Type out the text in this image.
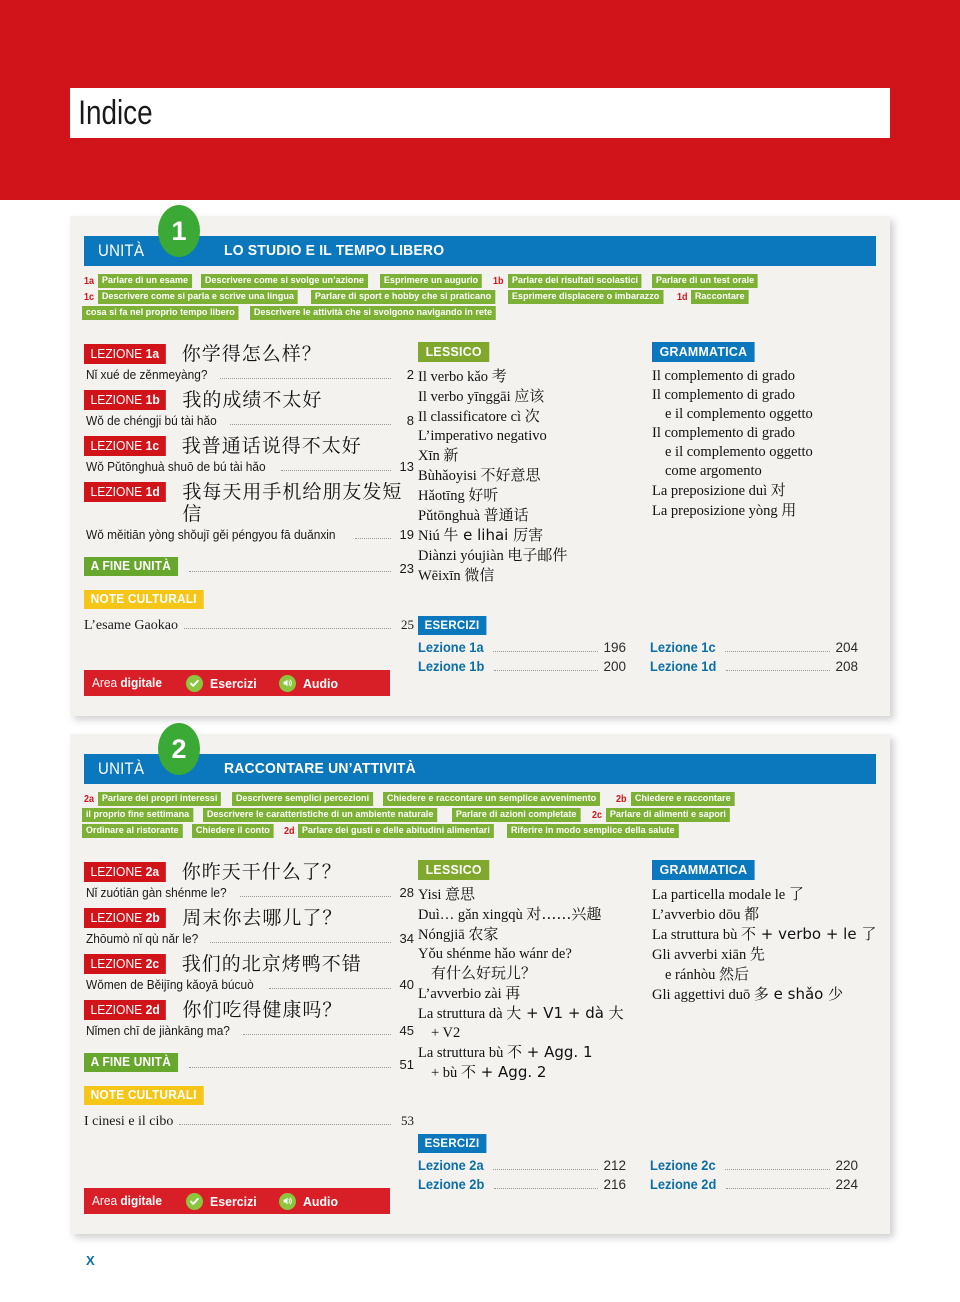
Indice
UNITÀ	LO STUDIO E IL TEMPO LIBERO
1
1a Parlare di un esame	Descrivere come si svolge un’azione	Esprimere un augurio	1b Parlare dei risultati scolastici	Parlare di un test orale
1c Descrivere come si parla e scrive una lingua	Parlare di sport e hobby che si praticano	Esprimere displacere o imbarazzo	1d Raccontare
cosa si fa nel proprio tempo libero	Descrivere le attività che si svolgono navigando in rete
LEZIONE 1a	你学得怎么样？
Nǐ xué de zěnmeyàng?	2
LEZIONE 1b	我的成绩不太好
Wǒ de chéngji bú tài hǎo	8
LEZIONE 1c	我普通话说得不太好
Wǒ Pǔtōnghuà shuō de bú tài hǎo	13
LEZIONE 1d	我每天用手机给朋友发短信
Wǒ měitiān yòng shǒujī gěi péngyou fā duǎnxin	19
A FINE UNITÀ	23
NOTE CULTURALI
L’esame Gaokao	25
Area digitale	Esercizi	Audio
LESSICO
Il verbo kǎo 考
Il verbo yīnggāi 应该
Il classificatore cì 次
L’imperativo negativo
Xīn 新
Bùhǎoyisi 不好意思
Hǎotīng 好听
Pǔtōnghuà 普通话
Niú 牛 e lihai 厉害
Diànzi yóujiàn 电子邮件
Wēixīn 微信
GRAMMATICA
Il complemento di grado
Il complemento di grado
e il complemento oggetto
Il complemento di grado
e il complemento oggetto
come argomento
La preposizione duì 对
La preposizione yòng 用
ESERCIZI
Lezione 1a	196
Lezione 1b	200
Lezione 1c	204
Lezione 1d	208
UNITÀ	RACCONTARE UN’ATTIVITÀ
2
2a Parlare dei propri interessi	Descrivere semplici percezioni	Chiedere e raccontare un semplice avvenimento	2b Chiedere e raccontare
il proprio fine settimana	Descrivere le caratteristiche di un ambiente naturale	Parlare di azioni completate	2c Parlare di alimenti e sapori
Ordinare al ristorante	Chiedere il conto	2d Parlare dei gusti e delle abitudini alimentari	Riferire in modo semplice della salute
LEZIONE 2a	你昨天干什么了？
Nǐ zuótiān gàn shénme le?	28
LEZIONE 2b	周末你去哪儿了？
Zhōumò nǐ qù nǎr le?	34
LEZIONE 2c	我们的北京烤鸭不错
Wǒmen de Běijīng kǎoyā búcuò	40
LEZIONE 2d	你们吃得健康吗？
Nǐmen chī de jiànkāng ma?	45
A FINE UNITÀ	51
NOTE CULTURALI
I cinesi e il cibo	53
Area digitale	Esercizi	Audio
LESSICO
Yisi 意思
Duì… gǎn xingqù 对……兴趣
Nóngjiā 农家
Yǒu shénme hǎo wánr de?
有什么好玩儿？
L’avverbio zài 再
La struttura dà 大 + V1 + dà 大
+ V2
La struttura bù 不 + Agg. 1
+ bù 不 + Agg. 2
GRAMMATICA
La particella modale le 了
L’avverbio dōu 都
La struttura bù 不 + verbo + le 了
Gli avverbi xiān 先
e ránhòu 然后
Gli aggettivi duō 多 e shǎo 少
ESERCIZI
Lezione 2a	212
Lezione 2b	216
Lezione 2c	220
Lezione 2d	224
X
